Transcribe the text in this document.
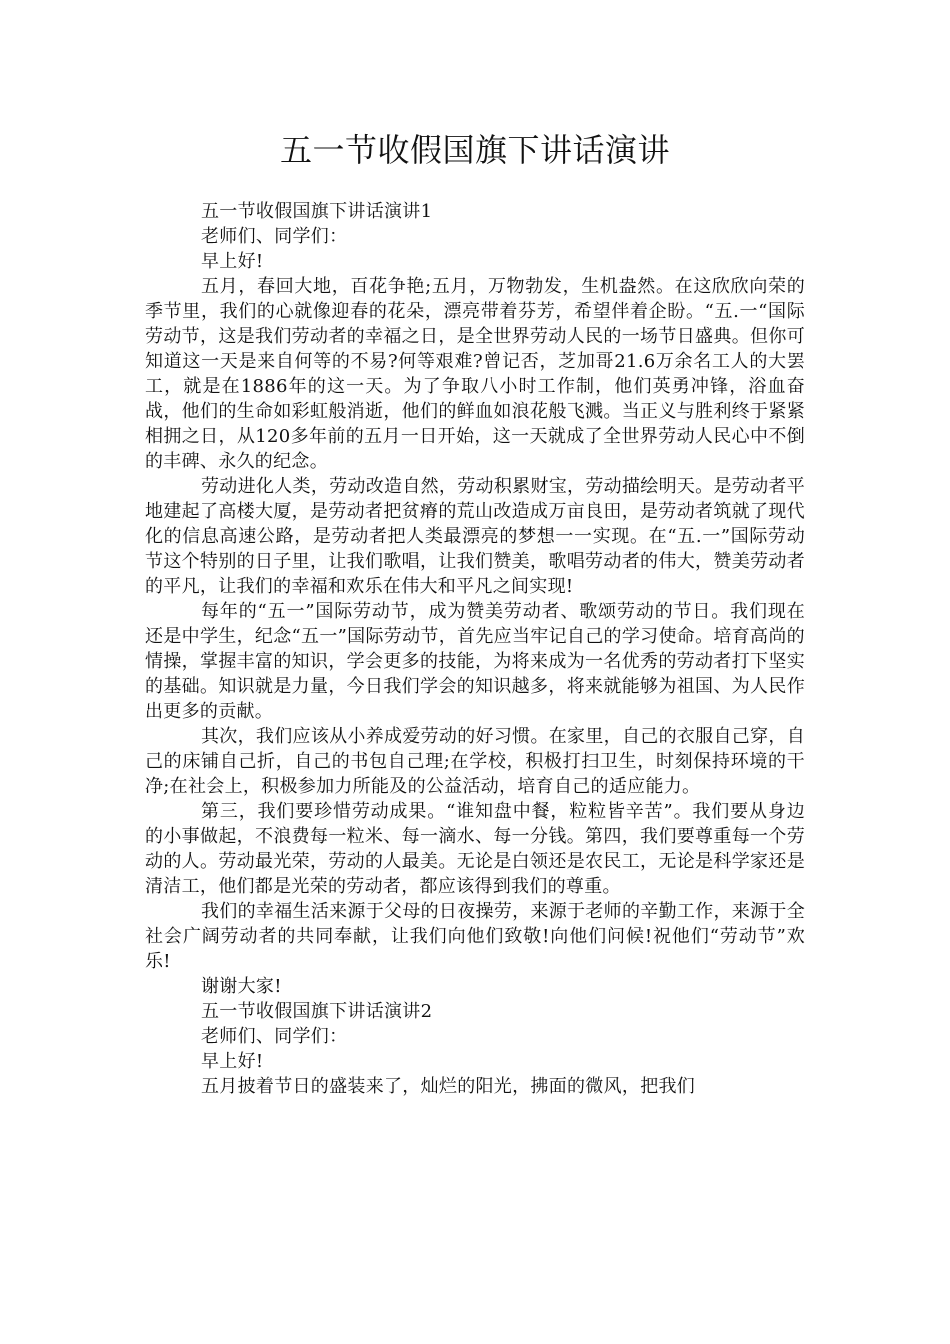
五一节收假国旗下讲话演讲

五一节收假国旗下讲话演讲1

老师们、同学们：

早上好!

五月，春回大地，百花争艳;五月，万物勃发，生机盎然。在这欣欣向荣的季节里，我们的心就像迎春的花朵，漂亮带着芬芳，希望伴着企盼。“五.一“国际劳动节，这是我们劳动者的幸福之日，是全世界劳动人民的一场节日盛典。但你可知道这一天是来自何等的不易?何等艰难?曾记否，芝加哥21.6万余名工人的大罢工，就是在1886年的这一天。为了争取八小时工作制，他们英勇冲锋，浴血奋战，他们的生命如彩虹般消逝，他们的鲜血如浪花般飞溅。当正义与胜利终于紧紧相拥之日，从120多年前的五月一日开始，这一天就成了全世界劳动人民心中不倒的丰碑、永久的纪念。

劳动进化人类，劳动改造自然，劳动积累财宝，劳动描绘明天。是劳动者平地建起了高楼大厦，是劳动者把贫瘠的荒山改造成万亩良田，是劳动者筑就了现代化的信息高速公路，是劳动者把人类最漂亮的梦想一一实现。在“五.一”国际劳动节这个特别的日子里，让我们歌唱，让我们赞美，歌唱劳动者的伟大，赞美劳动者的平凡，让我们的幸福和欢乐在伟大和平凡之间实现!

每年的“五一”国际劳动节，成为赞美劳动者、歌颂劳动的节日。我们现在还是中学生，纪念“五一”国际劳动节，首先应当牢记自己的学习使命。培育高尚的情操，掌握丰富的知识，学会更多的技能，为将来成为一名优秀的劳动者打下坚实的基础。知识就是力量，今日我们学会的知识越多，将来就能够为祖国、为人民作出更多的贡献。

其次，我们应该从小养成爱劳动的好习惯。在家里，自己的衣服自己穿，自己的床铺自己折，自己的书包自己理;在学校，积极打扫卫生，时刻保持环境的干净;在社会上，积极参加力所能及的公益活动，培育自己的适应能力。

第三，我们要珍惜劳动成果。“谁知盘中餐，粒粒皆辛苦”。我们要从身边的小事做起，不浪费每一粒米、每一滴水、每一分钱。第四，我们要尊重每一个劳动的人。劳动最光荣，劳动的人最美。无论是白领还是农民工，无论是科学家还是清洁工，他们都是光荣的劳动者，都应该得到我们的尊重。

我们的幸福生活来源于父母的日夜操劳，来源于老师的辛勤工作，来源于全社会广阔劳动者的共同奉献，让我们向他们致敬!向他们问候!祝他们“劳动节”欢乐!

谢谢大家!

五一节收假国旗下讲话演讲2

老师们、同学们：

早上好!

五月披着节日的盛装来了，灿烂的阳光，拂面的微风，把我们
